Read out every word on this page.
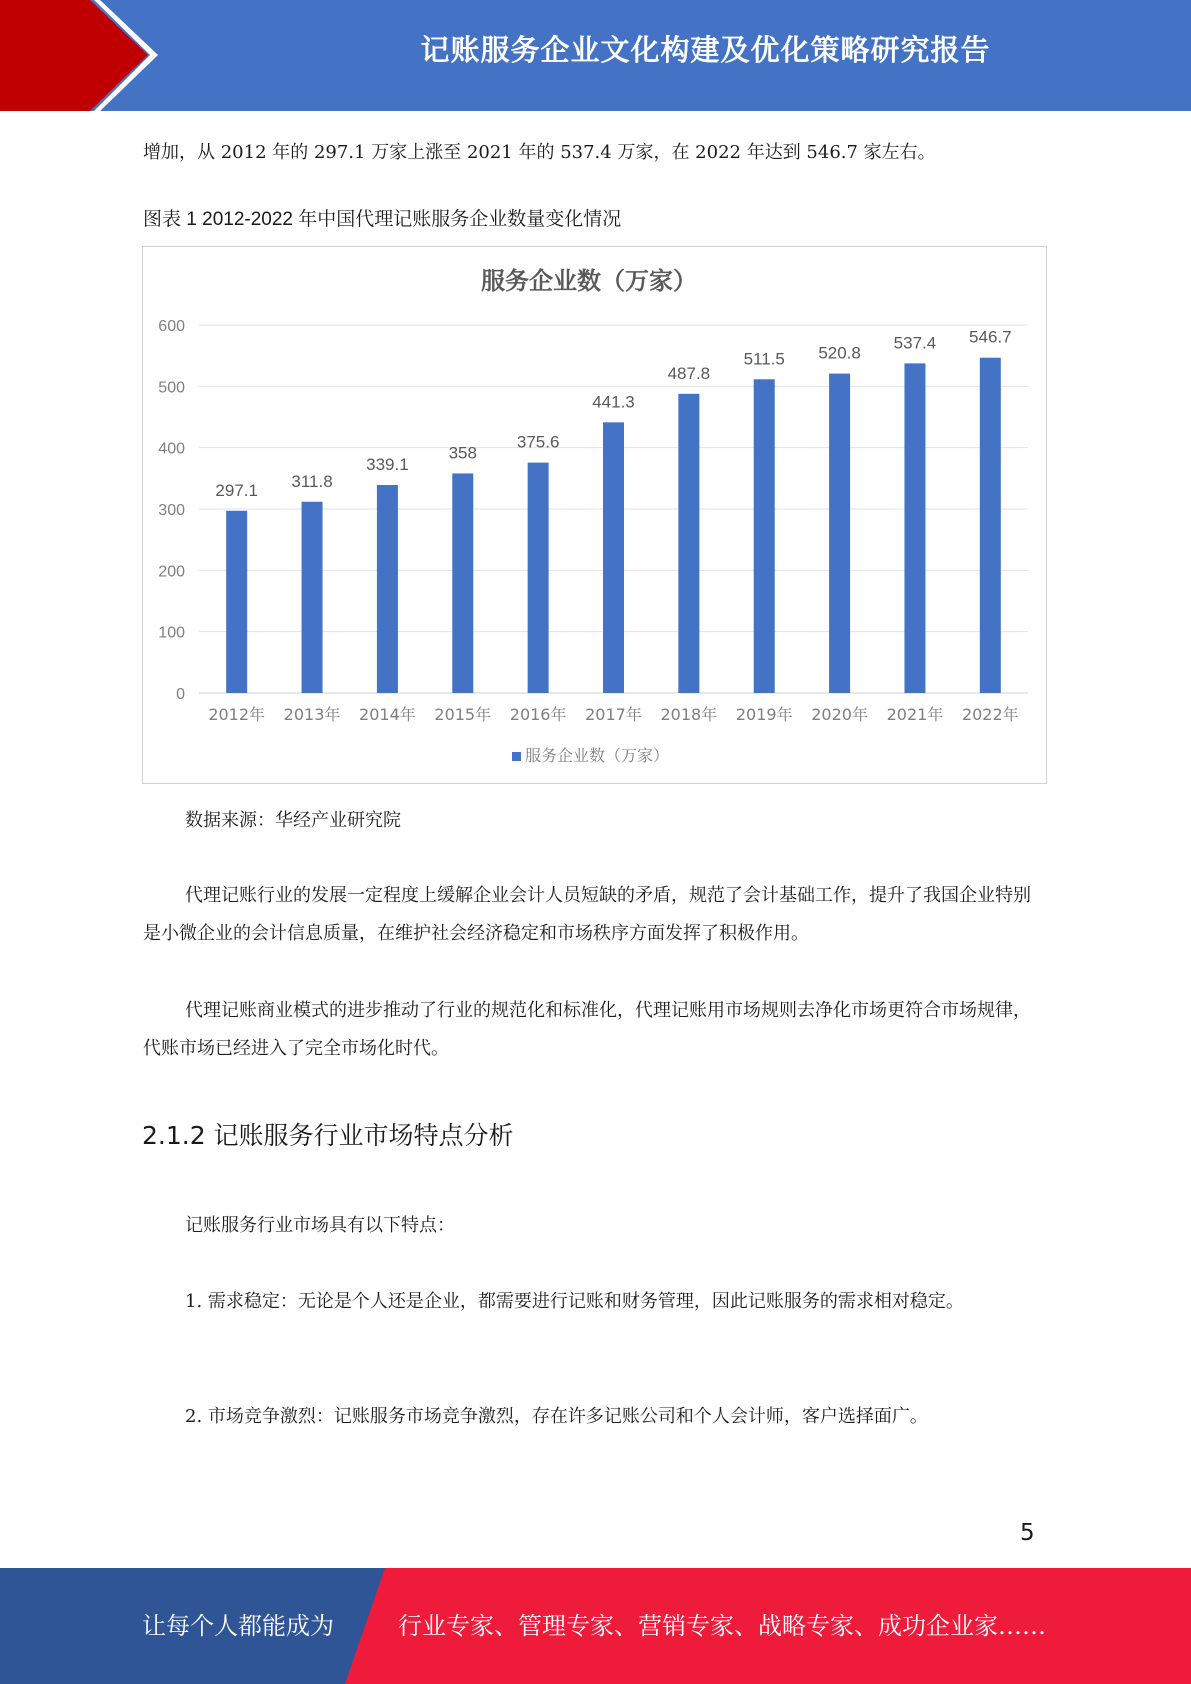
记账服务企业文化构建及优化策略研究报告

增加，从 2012 年的 297.1 万家上涨至 2021 年的 537.4 万家，在 2022 年达到 546.7 家左右。

图表 1 2012-2022 年中国代理记账服务企业数量变化情况
服务企业数（万家）
0
100
200
300
400
500
600
297.1
2012年
311.8
2013年
339.1
2014年
358
2015年
375.6
2016年
441.3
2017年
487.8
2018年
511.5
2019年
520.8
2020年
537.4
2021年
546.7
2022年
服务企业数（万家）
数据来源：华经产业研究院

代理记账行业的发展一定程度上缓解企业会计人员短缺的矛盾，规范了会计基础工作，提升了我国企业特别是小微企业的会计信息质量，在维护社会经济稳定和市场秩序方面发挥了积极作用。

代理记账商业模式的进步推动了行业的规范化和标准化，代理记账用市场规则去净化市场更符合市场规律，代账市场已经进入了完全市场化时代。

2.1.2 记账服务行业市场特点分析

记账服务行业市场具有以下特点：

1. 需求稳定：无论是个人还是企业，都需要进行记账和财务管理，因此记账服务的需求相对稳定。

2. 市场竞争激烈：记账服务市场竞争激烈，存在许多记账公司和个人会计师，客户选择面广。

5
让每个人都能成为	行业专家、管理专家、营销专家、战略专家、成功企业家……
